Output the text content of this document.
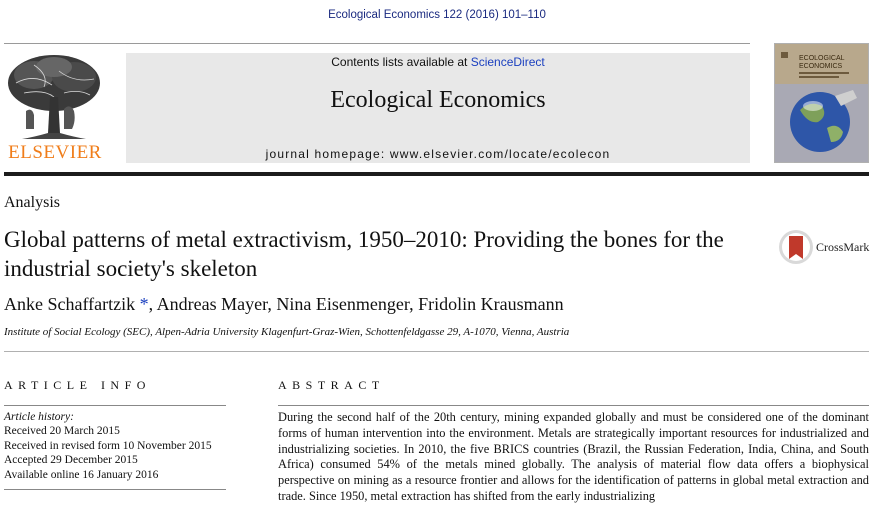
Ecological Economics 122 (2016) 101–110
ELSEVIER
Contents lists available at ScienceDirect
Ecological Economics
journal homepage: www.elsevier.com/locate/ecolecon
ECOLOGICAL
ECONOMICS
Analysis
Global patterns of metal extractivism, 1950–2010: Providing the bones for the industrial society's skeleton
CrossMark
Anke Schaffartzik *, Andreas Mayer, Nina Eisenmenger, Fridolin Krausmann
Institute of Social Ecology (SEC), Alpen-Adria University Klagenfurt-Graz-Wien, Schottenfeldgasse 29, A-1070, Vienna, Austria
ARTICLE INFO	ABSTRACT
Article history:
Received 20 March 2015
Received in revised form 10 November 2015
Accepted 29 December 2015
Available online 16 January 2016
During the second half of the 20th century, mining expanded globally and must be considered one of the dominant forms of human intervention into the environment. Metals are strategically important resources for industrialized and industrializing societies. In 2010, the five BRICS countries (Brazil, the Russian Federation, India, China, and South Africa) consumed 54% of the metals mined globally. The analysis of material flow data offers a biophysical perspective on mining as a resource frontier and allows for the identification of patterns in global metal extraction and trade. Since 1950, metal extraction has shifted from the early industrializing
